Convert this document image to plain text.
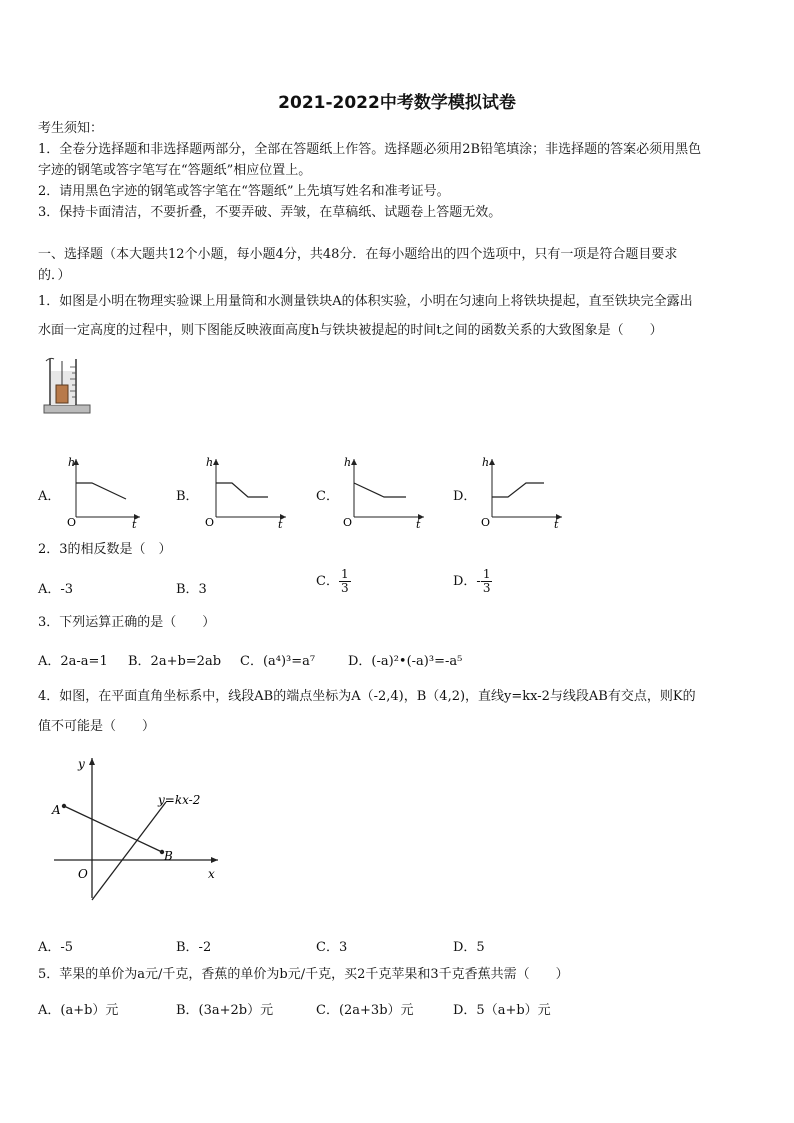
2021-2022中考数学模拟试卷
考生须知：
1．全卷分选择题和非选择题两部分，全部在答题纸上作答。选择题必须用2B铅笔填涂；非选择题的答案必须用黑色
字迹的钢笔或答字笔写在“答题纸”相应位置上。
2．请用黑色字迹的钢笔或答字笔在“答题纸”上先填写姓名和准考证号。
3．保持卡面清洁，不要折叠，不要弄破、弄皱，在草稿纸、试题卷上答题无效。
一、选择题（本大题共12个小题，每小题4分，共48分．在每小题给出的四个选项中，只有一项是符合题目要求
的．）
1．如图是小明在物理实验课上用量筒和水测量铁块A的体积实验，小明在匀速向上将铁块提起，直至铁块完全露出
水面一定高度的过程中，则下图能反映液面高度h与铁块被提起的时间t之间的函数关系的大致图象是（　　）
A．
h
O	t
B．
h
O	t
C．
h
O	t
D．
h
O	t
2．3的相反数是（　）
A．-3	B．3
C． $\frac{1}{3}$	D．- $\frac{1}{3}$
3．下列运算正确的是（　　）
A．2a-a=1 B．2a+b=2ab C．(a⁴)³=a⁷	D．(-a)²•(-a)³=-a⁵
4．如图，在平面直角坐标系中，线段AB的端点坐标为A（-2,4)，B（4,2)，直线y=kx-2与线段AB有交点，则K的
值不可能是（　　）
y
x
O
A
B
y=kx-2
A．-5	B．-2	C．3	D．5
5．苹果的单价为a元/千克，香蕉的单价为b元/千克，买2千克苹果和3千克香蕉共需（　　）
A．(a+b）元	B．(3a+2b）元	C．(2a+3b）元	D．5（a+b）元
